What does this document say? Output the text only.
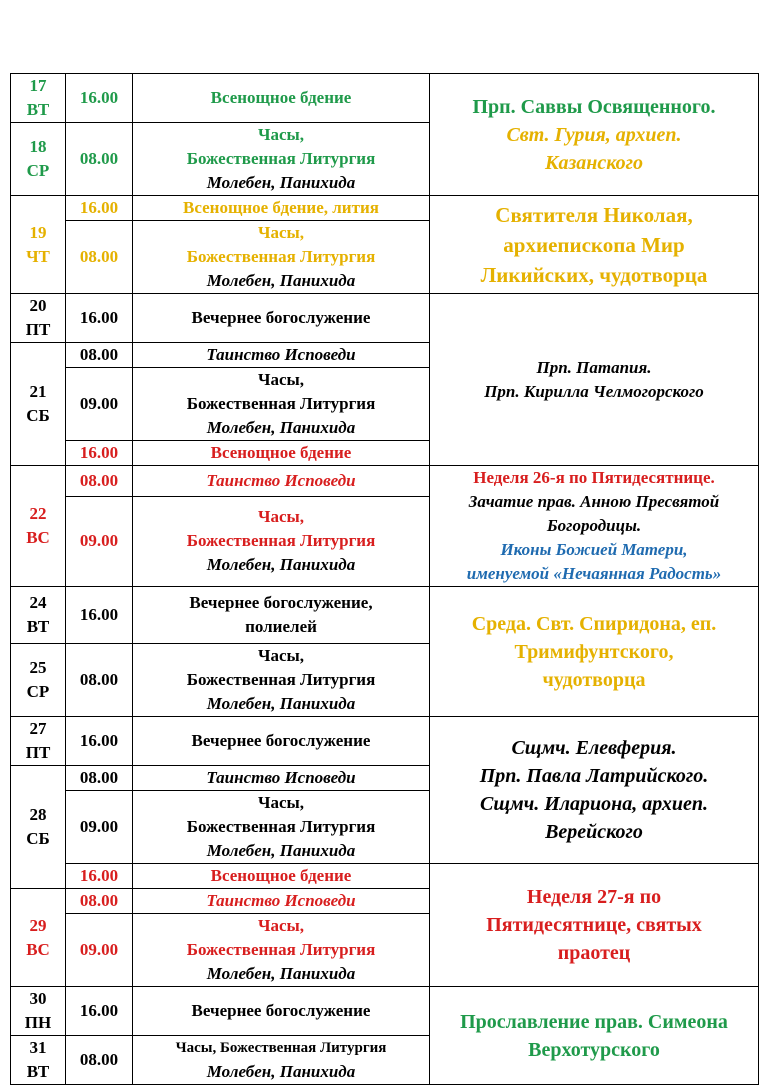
17
ВТ	16.00	Всенощное бдение	Прп. Саввы Освященного.
Свт. Гурия, архиеп.
Казанского

18
СР	08.00	Часы,
Божественная Литургия
Молебен, Панихида	

19
ЧТ	16.00	Всенощное бдение, лития	Святителя Николая,
архиепископа Мир
Ликийских, чудотворца

	08.00	Часы,
Божественная Литургия
Молебен, Панихида	

20
ПТ	16.00	Вечернее богослужение	Прп. Патапия.
Прп. Кирилла Челмогорского

21
СБ	08.00	Таинство Исповеди	
	09.00	Часы,
Божественная Литургия
Молебен, Панихида	

	16.00	Всенощное бдение	

22
ВС	08.00	Таинство Исповеди	Неделя 26-я по Пятидесятнице.
Зачатие прав. Анною Пресвятой
Богородицы.
Иконы Божией Матери,
именуемой «Нечаянная Радость»

	09.00	Часы,
Божественная Литургия
Молебен, Панихида	

24
ВТ	16.00	Вечернее богослужение,
полиелей	Среда. Свт. Спиридона, еп.
Тримифунтского,
чудотворца

25
СР	08.00	Часы,
Божественная Литургия
Молебен, Панихида	

27
ПТ	16.00	Вечернее богослужение	Сщмч. Елевферия.
Прп. Павла Латрийского.
Сщмч. Илариона, архиеп.
Верейского

28
СБ	08.00	Таинство Исповеди	
	09.00	Часы,
Божественная Литургия
Молебен, Панихида	

	16.00	Всенощное бдение	Неделя 27-я по
Пятидесятнице, святых
праотец

29
ВС	08.00	Таинство Исповеди	
	09.00	Часы,
Божественная Литургия
Молебен, Панихида	

30
ПН	16.00	Вечернее богослужение	Прославление прав. Симеона
Верхотурского

31
ВТ	08.00	Часы, Божественная Литургия
Молебен, Панихида	
